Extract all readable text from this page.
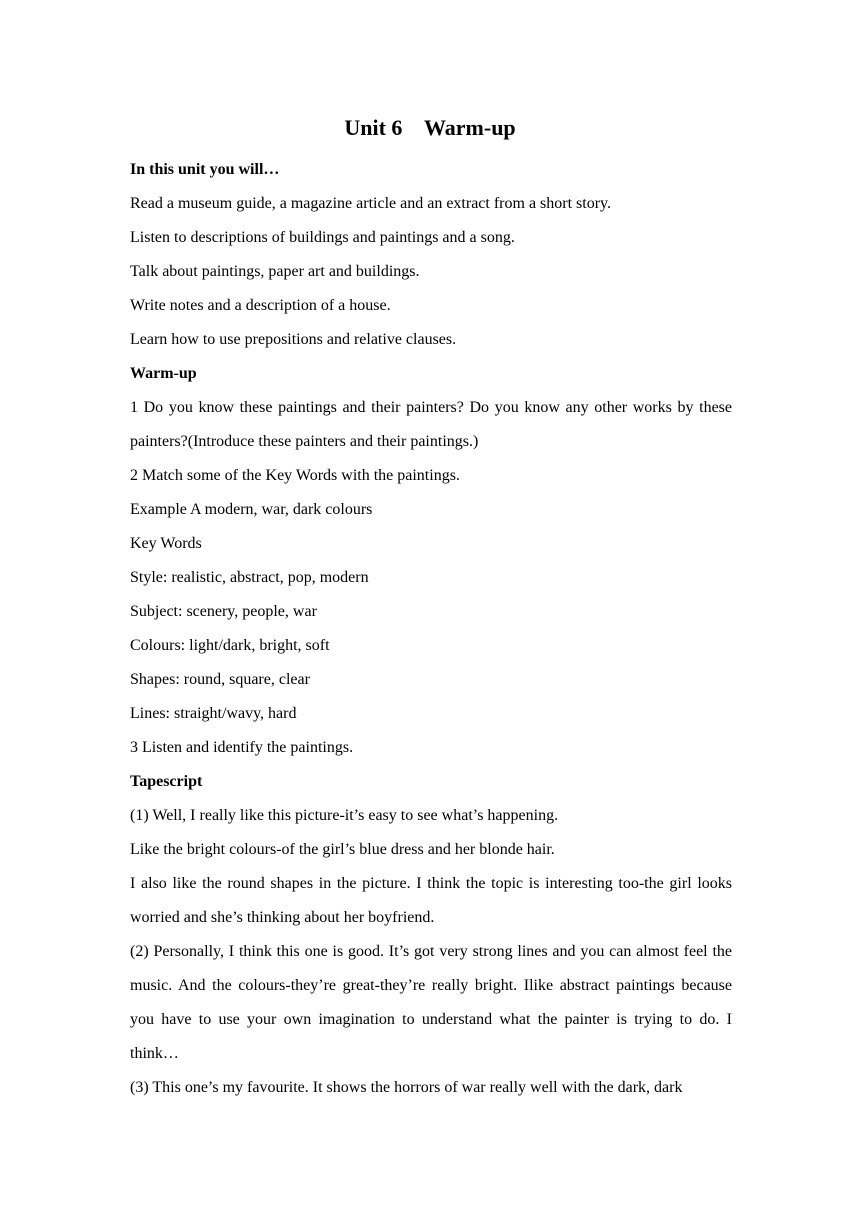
Unit 6    Warm-up

In this unit you will…

Read a museum guide, a magazine article and an extract from a short story.

Listen to descriptions of buildings and paintings and a song.

Talk about paintings, paper art and buildings.

Write notes and a description of a house.

Learn how to use prepositions and relative clauses.

Warm-up

1 Do you know these paintings and their painters? Do you know any other works by these painters?(Introduce these painters and their paintings.)

2 Match some of the Key Words with the paintings.

Example A modern, war, dark colours

Key Words

Style: realistic, abstract, pop, modern

Subject: scenery, people, war

Colours: light/dark, bright, soft

Shapes: round, square, clear

Lines: straight/wavy, hard

3 Listen and identify the paintings.

Tapescript

(1) Well, I really like this picture-it’s easy to see what’s happening.

Like the bright colours-of the girl’s blue dress and her blonde hair.

I also like the round shapes in the picture. I think the topic is interesting too-the girl looks worried and she’s thinking about her boyfriend.

(2) Personally, I think this one is good. It’s got very strong lines and you can almost feel the music. And the colours-they’re great-they’re really bright. Ilike abstract paintings because you have to use your own imagination to understand what the painter is trying to do. I think…

(3) This one’s my favourite. It shows the horrors of war really well with the dark, dark
